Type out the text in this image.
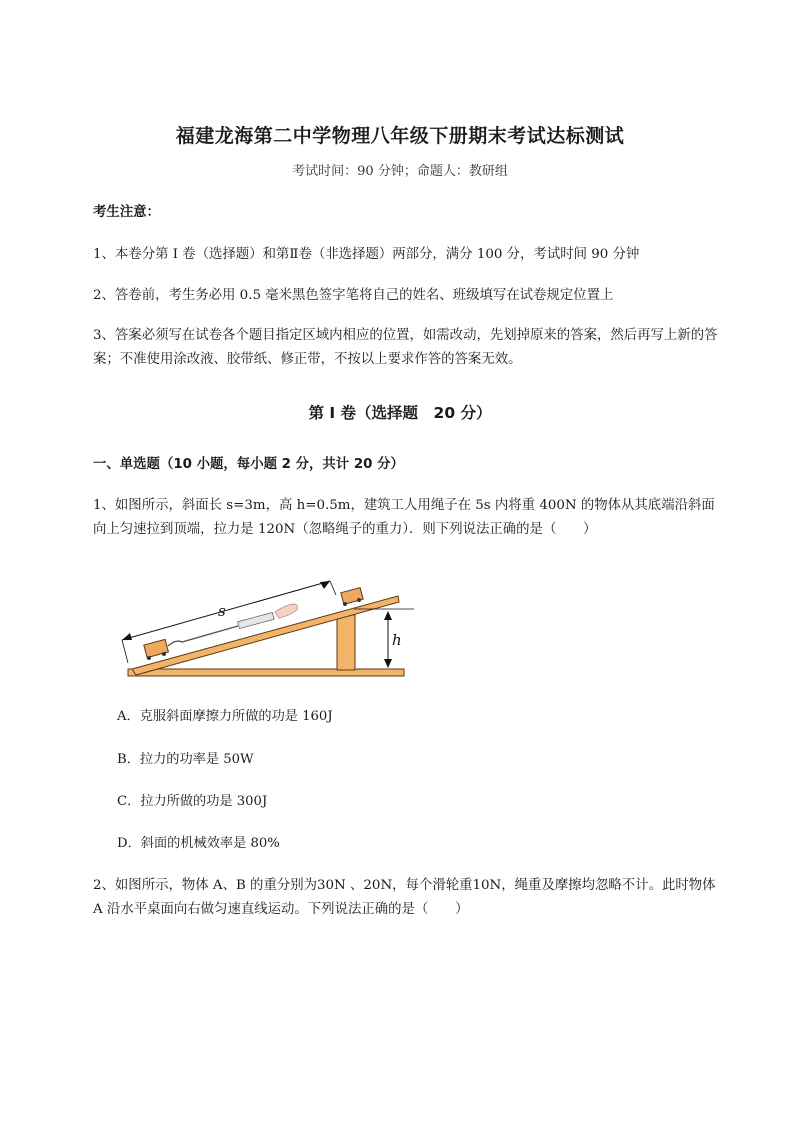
福建龙海第二中学物理八年级下册期末考试达标测试
考试时间：90 分钟；命题人：教研组
考生注意：
1、本卷分第 I 卷（选择题）和第Ⅱ卷（非选择题）两部分，满分 100 分，考试时间 90 分钟
2、答卷前，考生务必用 0.5 毫米黑色签字笔将自己的姓名、班级填写在试卷规定位置上
3、答案必须写在试卷各个题目指定区域内相应的位置，如需改动，先划掉原来的答案，然后再写上新的答案；不准使用涂改液、胶带纸、修正带，不按以上要求作答的答案无效。
第 I 卷（选择题　20 分）
一、单选题（10 小题，每小题 2 分，共计 20 分）
1、如图所示，斜面长 s=3m，高 h=0.5m，建筑工人用绳子在 5s 内将重 400N 的物体从其底端沿斜面向上匀速拉到顶端，拉力是 120N（忽略绳子的重力）．则下列说法正确的是（　　）
s
h
A．克服斜面摩擦力所做的功是 160J
B．拉力的功率是 50W
C．拉力所做的功是 300J
D．斜面的机械效率是 80%
2、如图所示，物体 A、B 的重分别为30N 、20N，每个滑轮重10N，绳重及摩擦均忽略不计。此时物体 A 沿水平桌面向右做匀速直线运动。下列说法正确的是（　　）
